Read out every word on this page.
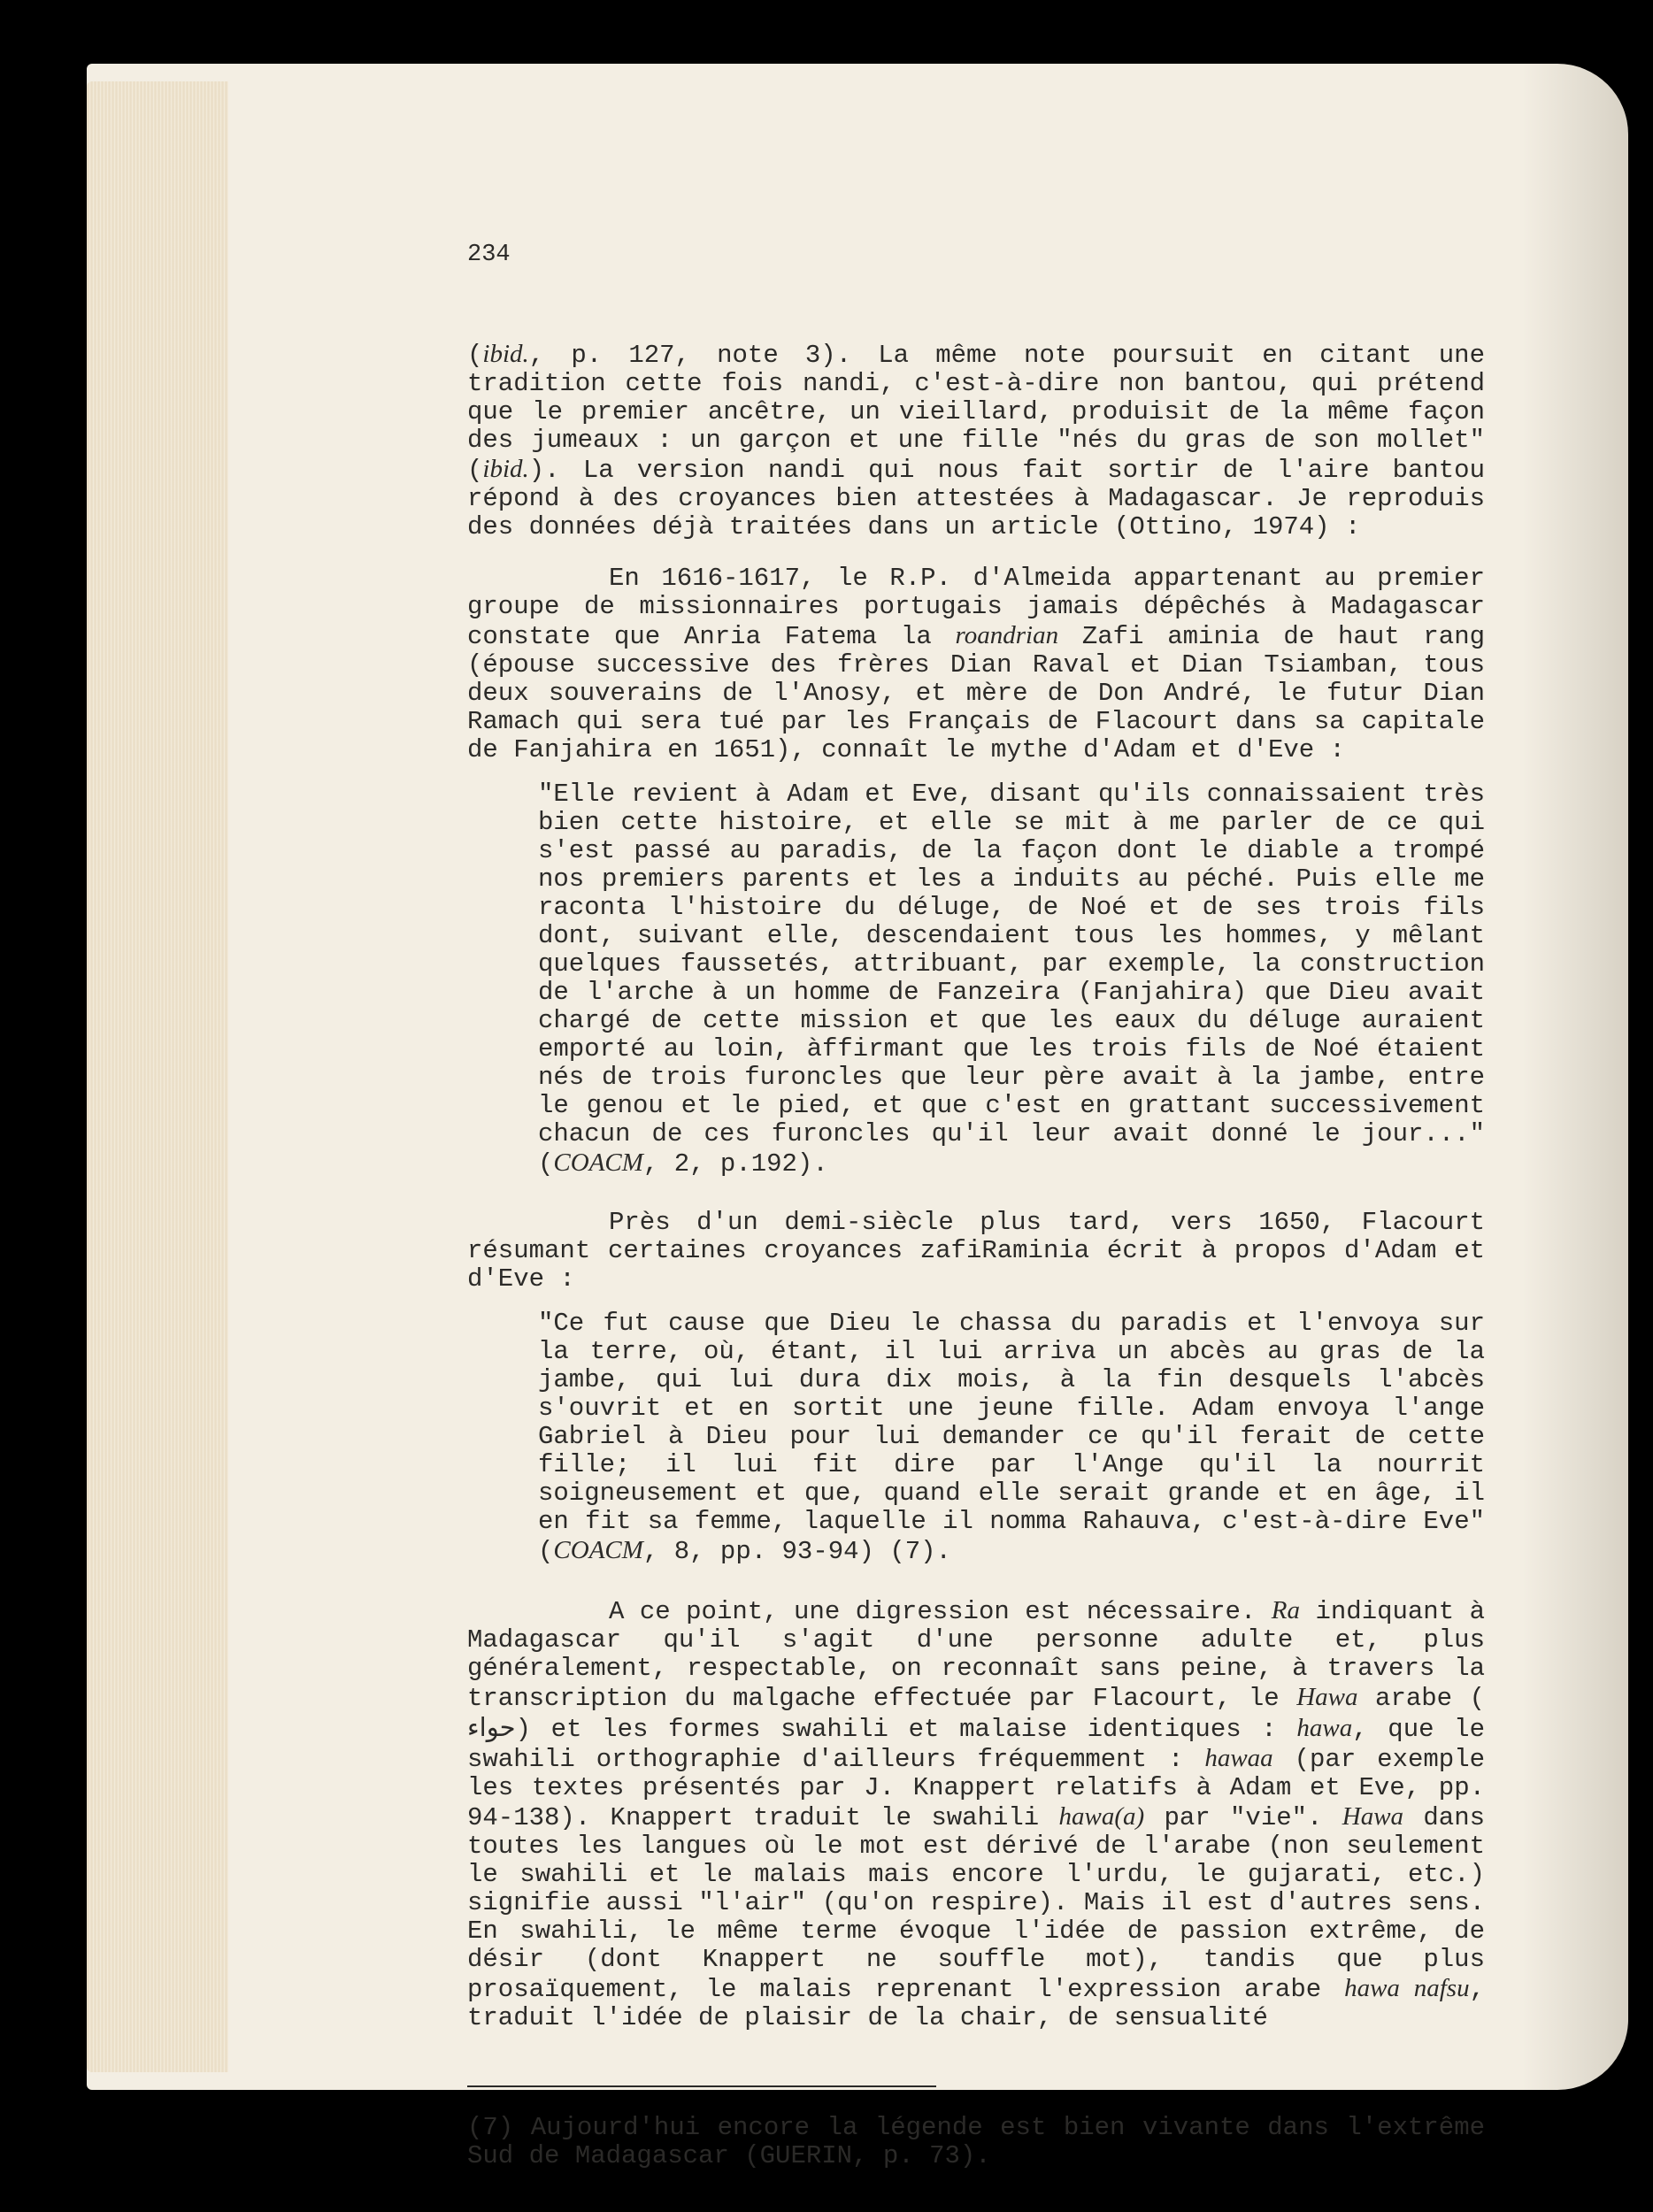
234

(ibid., p. 127, note 3). La même note poursuit en citant une tradition cette fois nandi, c'est-à-dire non bantou, qui prétend que le premier ancêtre, un vieillard, produisit de la même façon des jumeaux : un garçon et une fille "nés du gras de son mollet" (ibid.). La version nandi qui nous fait sortir de l'aire bantou répond à des croyances bien attestées à Madagascar. Je reproduis des données déjà traitées dans un article (Ottino, 1974) :

En 1616-1617, le R.P. d'Almeida appartenant au premier groupe de missionnaires portugais jamais dépêchés à Madagascar constate que Anria Fatema la roandrian Zafi aminia de haut rang (épouse successive des frères Dian Raval et Dian Tsiamban, tous deux souverains de l'Anosy, et mère de Don André, le futur Dian Ramach qui sera tué par les Français de Flacourt dans sa capitale de Fanjahira en 1651), connaît le mythe d'Adam et d'Eve :

"Elle revient à Adam et Eve, disant qu'ils connaissaient très bien cette histoire, et elle se mit à me parler de ce qui s'est passé au paradis, de la façon dont le diable a trompé nos premiers parents et les a induits au péché. Puis elle me raconta l'histoire du déluge, de Noé et de ses trois fils dont, suivant elle, descendaient tous les hommes, y mêlant quelques faussetés, attribuant, par exemple, la construction de l'arche à un homme de Fanzeira (Fanjahira) que Dieu avait chargé de cette mission et que les eaux du déluge auraient emporté au loin, àffirmant que les trois fils de Noé étaient nés de trois furoncles que leur père avait à la jambe, entre le genou et le pied, et que c'est en grattant successivement chacun de ces furoncles qu'il leur avait donné le jour..." (COACM, 2, p.192).

Près d'un demi-siècle plus tard, vers 1650, Flacourt résumant certaines croyances zafiRaminia écrit à propos d'Adam et d'Eve :

"Ce fut cause que Dieu le chassa du paradis et l'envoya sur la terre, où, étant, il lui arriva un abcès au gras de la jambe, qui lui dura dix mois, à la fin desquels l'abcès s'ouvrit et en sortit une jeune fille. Adam envoya l'ange Gabriel à Dieu pour lui demander ce qu'il ferait de cette fille; il lui fit dire par l'Ange qu'il la nourrit soigneusement et que, quand elle serait grande et en âge, il en fit sa femme, laquelle il nomma Rahauva, c'est-à-dire Eve" (COACM, 8, pp. 93-94) (7).

A ce point, une digression est nécessaire. Ra indiquant à Madagascar qu'il s'agit d'une personne adulte et, plus généralement, respectable, on reconnaît sans peine, à travers la transcription du malgache effectuée par Flacourt, le Hawa arabe ( حواء) et les formes swahili et malaise identiques : hawa, que le swahili orthographie d'ailleurs fréquemment : hawaa (par exemple les textes présentés par J. Knappert relatifs à Adam et Eve, pp. 94-138). Knappert traduit le swahili hawa(a) par "vie". Hawa dans toutes les langues où le mot est dérivé de l'arabe (non seulement le swahili et le malais mais encore l'urdu, le gujarati, etc.) signifie aussi "l'air" (qu'on respire). Mais il est d'autres sens. En swahili, le même terme évoque l'idée de passion extrême, de désir (dont Knappert ne souffle mot), tandis que plus prosaïquement, le malais reprenant l'expression arabe hawa nafsu, traduit l'idée de plaisir de la chair, de sensualité

(7) Aujourd'hui encore la légende est bien vivante dans l'extrême Sud de Madagascar (GUERIN, p. 73).
